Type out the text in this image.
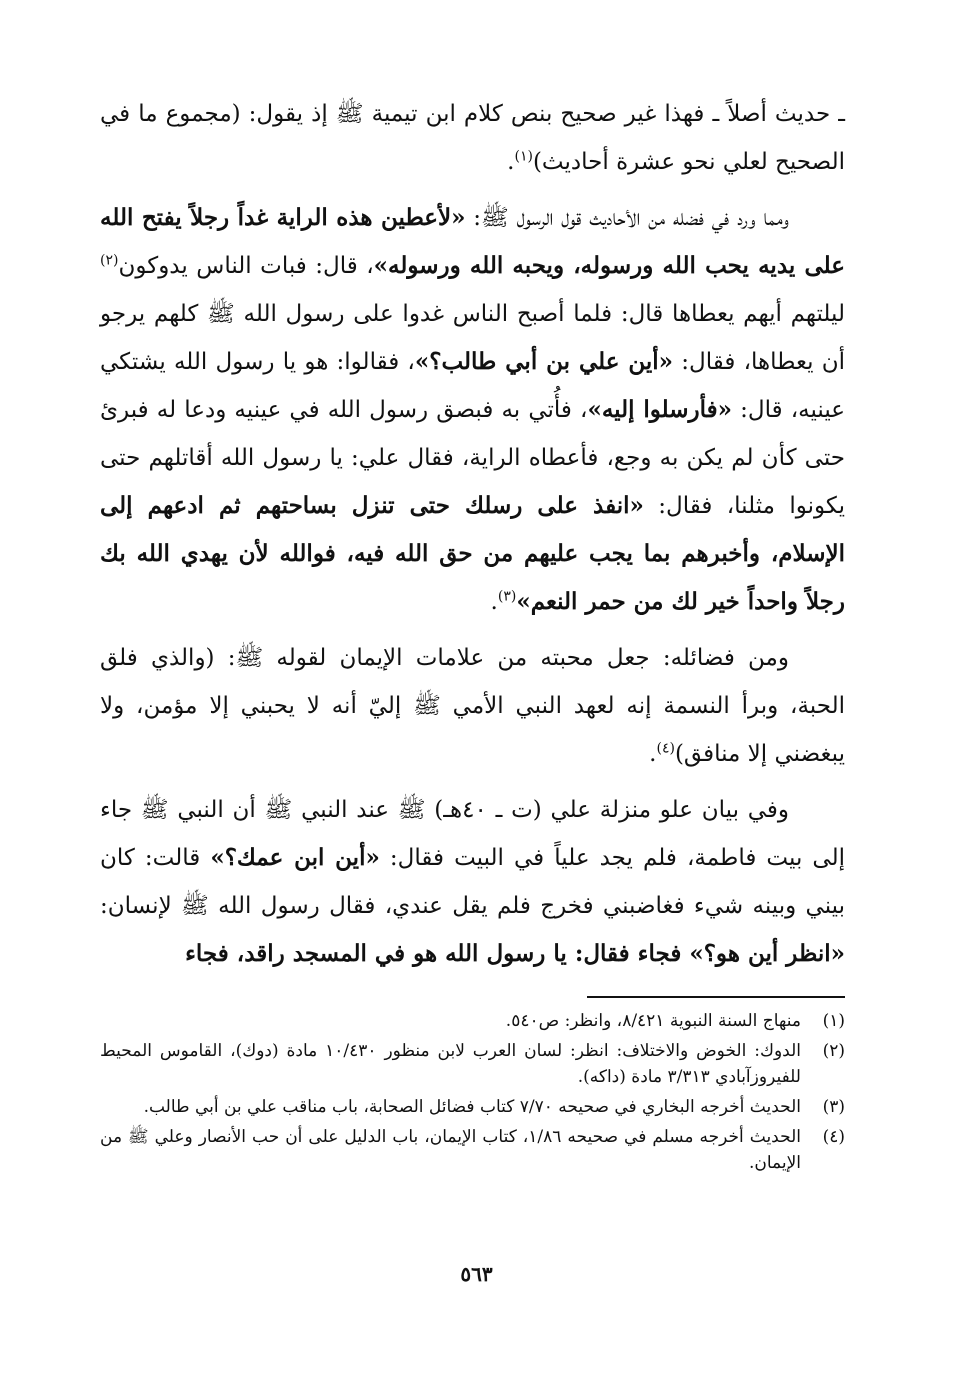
ـ حديث أصلاً ـ فهذا غير صحيح بنص كلام ابن تيمية ﷺ إذ يقول: (مجموع ما في الصحيح لعلي نحو عشرة أحاديث)$^{(١)}$.

ومما ورد في فضله من الأحاديث قول الرسول ﷺ: «لأعطين هذه الراية غداً رجلاً يفتح الله على يديه يحب الله ورسوله، ويحبه الله ورسوله»، قال: فبات الناس يدوكون$^{(٢)}$ ليلتهم أيهم يعطاها قال: فلما أصبح الناس غدوا على رسول الله ﷺ كلهم يرجو أن يعطاها، فقال: «أين علي بن أبي طالب؟»، فقالوا: هو يا رسول الله يشتكي عينيه، قال: «فأرسلوا إليه»، فأُتي به فبصق رسول الله في عينيه ودعا له فبرئ حتى كأن لم يكن به وجع، فأعطاه الراية، فقال علي: يا رسول الله أقاتلهم حتى يكونوا مثلنا، فقال: «انفذ على رسلك حتى تنزل بساحتهم ثم ادعهم إلى الإسلام، وأخبرهم بما يجب عليهم من حق الله فيه، فوالله لأن يهدي الله بك رجلاً واحداً خير لك من حمر النعم»$^{(٣)}$.

ومن فضائله: جعل محبته من علامات الإيمان لقوله ﷺ: (والذي فلق الحبة، وبرأ النسمة إنه لعهد النبي الأمي ﷺ إليّ أنه لا يحبني إلا مؤمن، ولا يبغضني إلا منافق)$^{(٤)}$.

وفي بيان علو منزلة علي (ت ـ ٤٠هـ) ﷺ عند النبي ﷺ أن النبي ﷺ جاء إلى بيت فاطمة، فلم يجد علياً في البيت فقال: «أين ابن عمك؟» قالت: كان بيني وبينه شيء فغاضبني فخرج فلم يقل عندي، فقال رسول الله ﷺ لإنسان: «انظر أين هو؟» فجاء فقال: يا رسول الله هو في المسجد راقد، فجاء

(١)
منهاج السنة النبوية ٨/٤٢١، وانظر: ص٥٤٠.
(٢)
الدوك: الخوض والاختلاف: انظر: لسان العرب لابن منظور ١٠/٤٣٠ مادة (دوك)، القاموس المحيط للفيروزآبادي ٣/٣١٣ مادة (داكه).
(٣)
الحديث أخرجه البخاري في صحيحه ٧/٧٠ كتاب فضائل الصحابة، باب مناقب علي بن أبي طالب.
(٤)
الحديث أخرجه مسلم في صحيحه ١/٨٦، كتاب الإيمان، باب الدليل على أن حب الأنصار وعلي ﷺ من الإيمان.
٥٦٣
